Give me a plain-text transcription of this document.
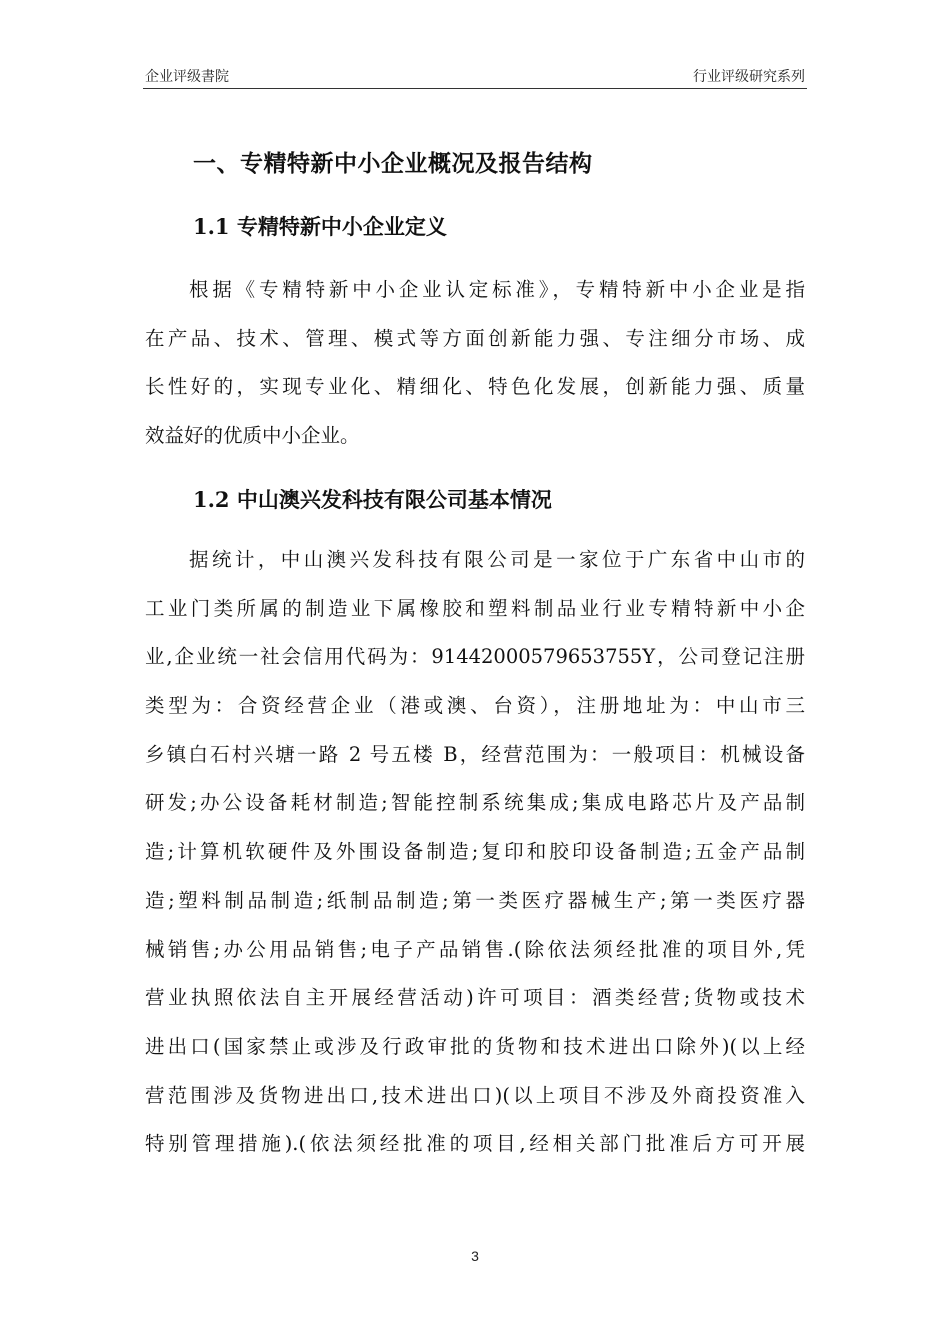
企业评级書院	行业评级研究系列
一、专精特新中小企业概况及报告结构
1.1 专精特新中小企业定义
根据《专精特新中小企业认定标准》，专精特新中小企业是指
在产品、技术、管理、模式等方面创新能力强、专注细分市场、成
长性好的，实现专业化、精细化、特色化发展，创新能力强、质量
效益好的优质中小企业。
1.2 中山澳兴发科技有限公司基本情况
据统计，中山澳兴发科技有限公司是一家位于广东省中山市的
工业门类所属的制造业下属橡胶和塑料制品业行业专精特新中小企
业,企业统一社会信用代码为：91442000579653755Y，公司登记注册
类型为：合资经营企业（港或澳、台资），注册地址为：中山市三
乡镇白石村兴塘一路 2 号五楼 B，经营范围为：一般项目：机械设备
研发;办公设备耗材制造;智能控制系统集成;集成电路芯片及产品制
造;计算机软硬件及外围设备制造;复印和胶印设备制造;五金产品制
造;塑料制品制造;纸制品制造;第一类医疗器械生产;第一类医疗器
械销售;办公用品销售;电子产品销售.(除依法须经批准的项目外,凭
营业执照依法自主开展经营活动)许可项目：酒类经营;货物或技术
进出口(国家禁止或涉及行政审批的货物和技术进出口除外)(以上经
营范围涉及货物进出口,技术进出口)(以上项目不涉及外商投资准入
特别管理措施).(依法须经批准的项目,经相关部门批准后方可开展
3
